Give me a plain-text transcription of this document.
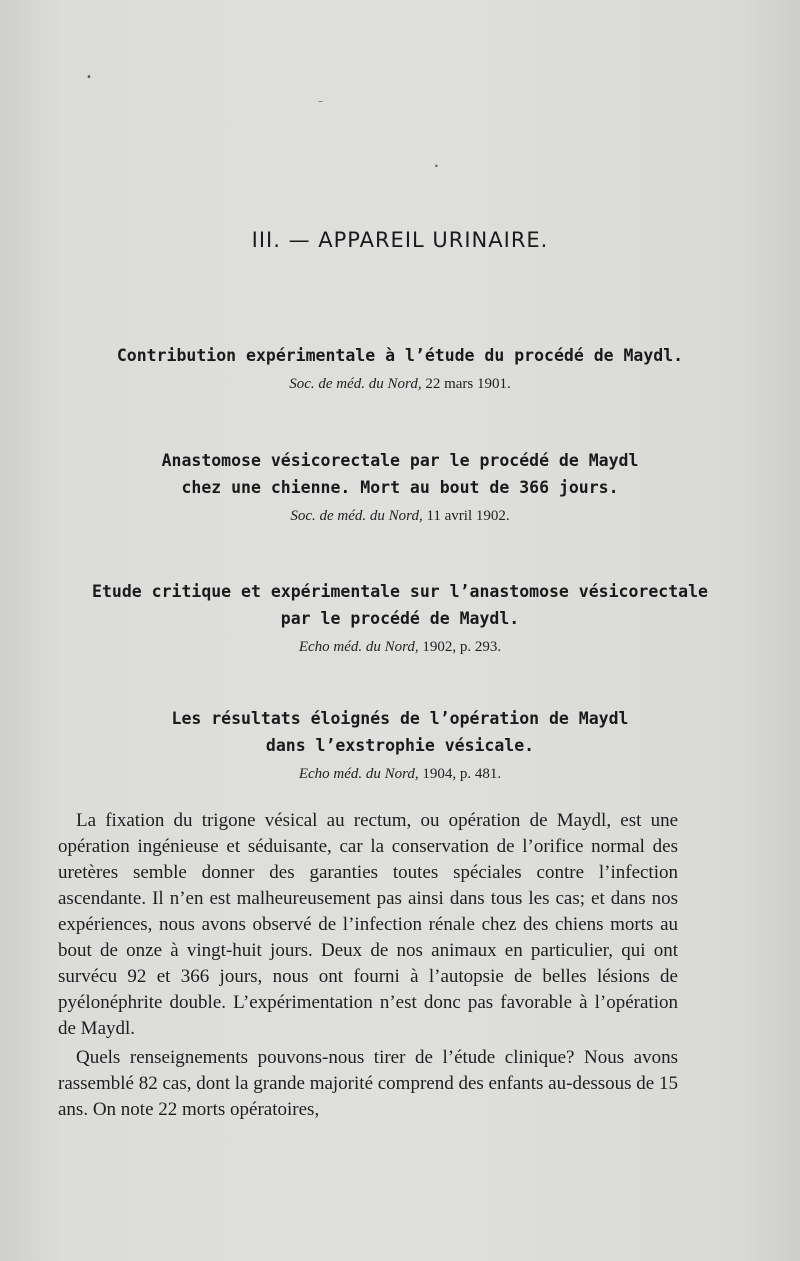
•
–
•
III. — APPAREIL URINAIRE.
Contribution expérimentale à l’étude du procédé de Maydl.
Soc. de méd. du Nord, 22 mars 1901.
Anastomose vésicorectale par le procédé de Maydl
chez une chienne. Mort au bout de 366 jours.
Soc. de méd. du Nord, 11 avril 1902.
Etude critique et expérimentale sur l’anastomose vésicorectale
par le procédé de Maydl.
Echo méd. du Nord, 1902, p. 293.
Les résultats éloignés de l’opération de Maydl
dans l’exstrophie vésicale.
Echo méd. du Nord, 1904, p. 481.

La fixation du trigone vésical au rectum, ou opération de Maydl, est une opération ingénieuse et séduisante, car la conservation de l’orifice normal des uretères semble donner des garanties toutes spéciales contre l’infection ascendante. Il n’en est malheureusement pas ainsi dans tous les cas; et dans nos expériences, nous avons observé de l’infection rénale chez des chiens morts au bout de onze à vingt-huit jours. Deux de nos animaux en particulier, qui ont survécu 92 et 366 jours, nous ont fourni à l’autopsie de belles lésions de pyélonéphrite double. L’expérimentation n’est donc pas favorable à l’opération de Maydl.

Quels renseignements pouvons-nous tirer de l’étude clinique? Nous avons rassemblé 82 cas, dont la grande majorité comprend des enfants au-dessous de 15 ans. On note 22 morts opératoires,
